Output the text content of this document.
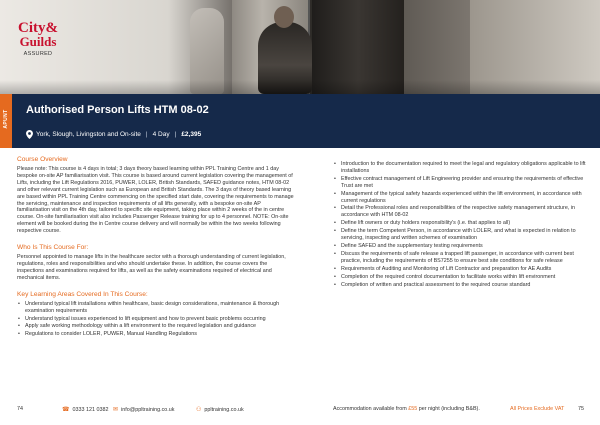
City&
Guilds
ASSURED
APUNT Authorised Person Lifts HTM 08-02
York, Slough, Livingston and On-site | 4 Day | £2,395
Course Overview
Please note: This course is 4 days in total; 3 days theory based learning within PPL Training Centre and 1 day bespoke on-site AP familiarisation visit. This course is based around current legislation covering the management of Lifts, including the Lift Regulations 2016, PUWER, LOLER, British Standards, SAFED guidance notes, HTM 08-02 and other relevant current legislation such as European and British Standards. The 3 days of theory based learning are based within PPL Training Centre commencing on the specified start date, covering the requirements to manage the servicing, maintenance and inspection requirements of all lifts generally, with a bespoke on-site AP familiarisation visit on the 4th day, tailored to specific site equipment, taking place within 2 weeks of the in centre course. On-site familiarisation visit also includes Passenger Release training for up to 4 personnel. NOTE: On-site element will be booked during the in Centre course delivery and will normally be within the two weeks following respective course.
Who Is This Course For:
Personnel appointed to manage lifts in the healthcare sector with a thorough understanding of current legislation, regulations, roles and responsibilities and who should undertake these. In addition, the course covers the inspections and examinations required for lifts, as well as the safety examinations required of electrical and mechanical items.
Key Learning Areas Covered In This Course:
• Understand typical lift installations within healthcare, basic design considerations, maintenance & thorough examination requirements
• Understand typical issues experienced to lift equipment and how to prevent basic problems occurring
• Apply safe working methodology within a lift environment to the required legislation and guidance
• Regulations to consider LOLER, PUWER, Manual Handling Regulations
• Introduction to the documentation required to meet the legal and regulatory obligations applicable to lift installations
• Effective contract management of Lift Engineering provider and ensuring the requirements of effective Trust are met
• Management of the typical safety hazards experienced within the lift environment, in accordance with current regulations
• Detail the Professional roles and responsibilities of the respective safety management structure, in accordance with HTM 08-02
• Define lift owners or duty holders responsibility's (i.e. that applies to all)
• Define the term Competent Person, in accordance with LOLER, and what is expected in relation to servicing, inspecting and written schemes of examination
• Define SAFED and the supplementary testing requirements
• Discuss the requirements of safe release a trapped lift passenger, in accordance with current best practice, including the requirements of BS7255 to ensure best site conditions for safe release
• Requirements of Auditing and Monitoring of Lift Contractor and preparation for AE Audits
• Completion of the required control documentation to facilitate works within lift environment
• Completion of written and practical assessment to the required course standard
74	☎ 0333 121 0382 ✉ info@ppltraining.co.uk	⚇ ppltraining.co.uk	Accommodation available from £55 per night (including B&B).	All Prices Exclude VAT	75
